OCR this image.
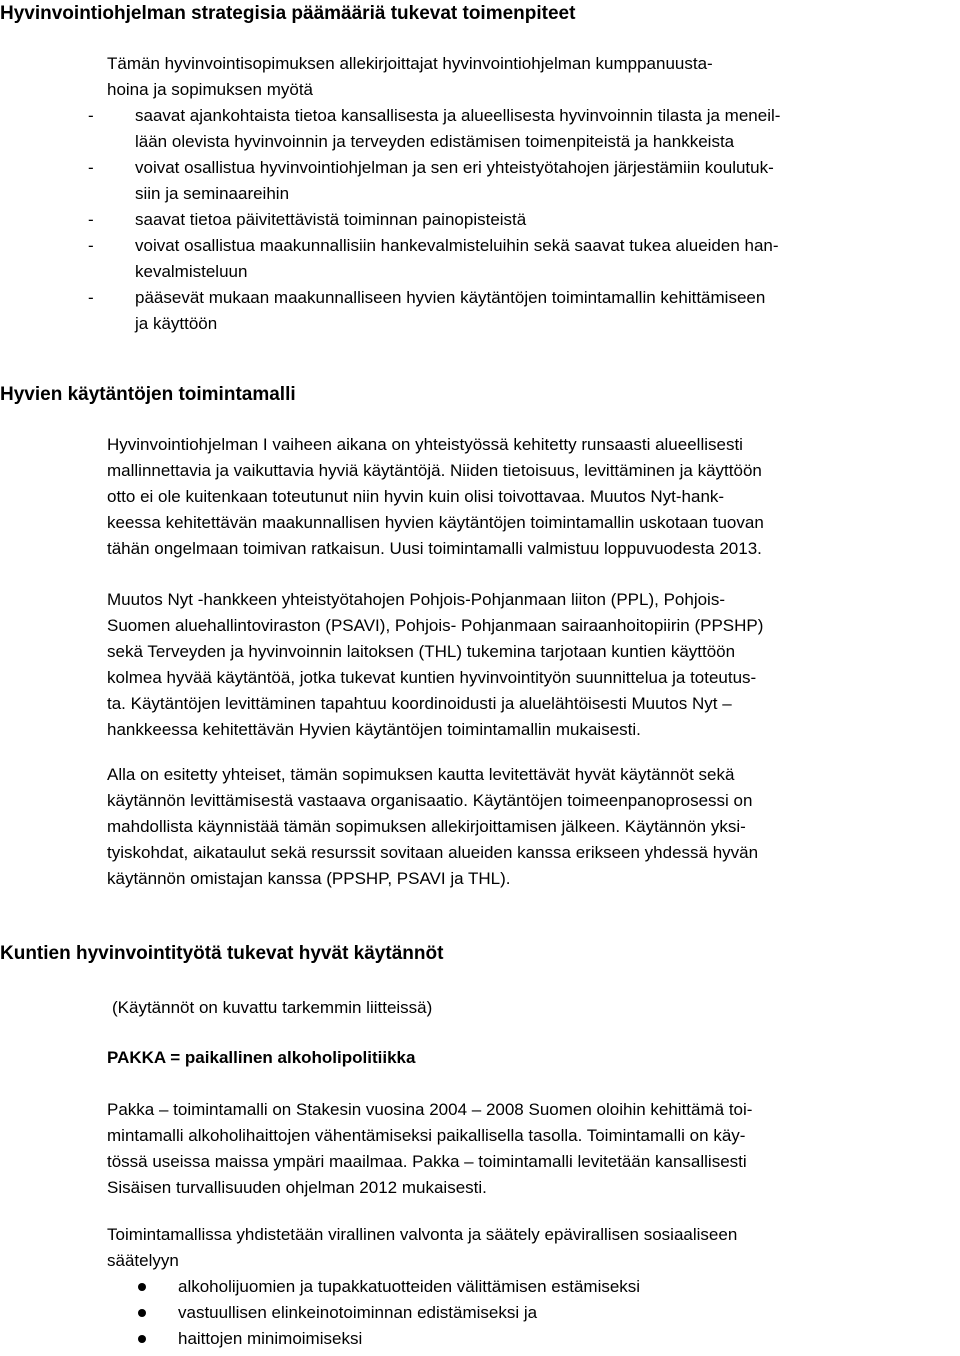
Hyvinvointiohjelman strategisia päämääriä tukevat toimenpiteet
Tämän hyvinvointisopimuksen allekirjoittajat hyvinvointiohjelman kumppanuusta-
hoina ja sopimuksen myötä
- saavat ajankohtaista tietoa kansallisesta ja alueellisesta hyvinvoinnin tilasta ja meneil-
lään olevista hyvinvoinnin ja terveyden edistämisen toimenpiteistä ja hankkeista
- voivat osallistua hyvinvointiohjelman ja sen eri yhteistyötahojen järjestämiin koulutuk-
siin ja seminaareihin
- saavat tietoa päivitettävistä toiminnan painopisteistä
- voivat osallistua maakunnallisiin hankevalmisteluihin sekä saavat tukea alueiden han-
kevalmisteluun
- pääsevät mukaan maakunnalliseen hyvien käytäntöjen toimintamallin kehittämiseen
ja käyttöön
Hyvien käytäntöjen toimintamalli
Hyvinvointiohjelman I vaiheen aikana on yhteistyössä kehitetty runsaasti alueellisesti
mallinnettavia ja vaikuttavia hyviä käytäntöjä. Niiden tietoisuus, levittäminen ja käyttöön
otto ei ole kuitenkaan toteutunut niin hyvin kuin olisi toivottavaa. Muutos Nyt-hank-
keessa kehitettävän maakunnallisen hyvien käytäntöjen toimintamallin uskotaan tuovan
tähän ongelmaan toimivan ratkaisun. Uusi toimintamalli valmistuu loppuvuodesta 2013.
Muutos Nyt -hankkeen yhteistyötahojen Pohjois-Pohjanmaan liiton (PPL), Pohjois-
Suomen aluehallintoviraston (PSAVI), Pohjois- Pohjanmaan sairaanhoitopiirin (PPSHP)
sekä Terveyden ja hyvinvoinnin laitoksen (THL) tukemina tarjotaan kuntien käyttöön
kolmea hyvää käytäntöä, jotka tukevat kuntien hyvinvointityön suunnittelua ja toteutus-
ta. Käytäntöjen levittäminen tapahtuu koordinoidusti ja aluelähtöisesti Muutos Nyt –
hankkeessa kehitettävän Hyvien käytäntöjen toimintamallin mukaisesti.
Alla on esitetty yhteiset, tämän sopimuksen kautta levitettävät hyvät käytännöt sekä
käytännön levittämisestä vastaava organisaatio. Käytäntöjen toimeenpanoprosessi on
mahdollista käynnistää tämän sopimuksen allekirjoittamisen jälkeen. Käytännön yksi-
tyiskohdat, aikataulut sekä resurssit sovitaan alueiden kanssa erikseen yhdessä hyvän
käytännön omistajan kanssa (PPSHP, PSAVI ja THL).
Kuntien hyvinvointityötä tukevat hyvät käytännöt
(Käytännöt on kuvattu tarkemmin liitteissä)
PAKKA = paikallinen alkoholipolitiikka
Pakka – toimintamalli on Stakesin vuosina 2004 – 2008 Suomen oloihin kehittämä toi-
mintamalli alkoholihaittojen vähentämiseksi paikallisella tasolla. Toimintamalli on käy-
tössä useissa maissa ympäri maailmaa. Pakka – toimintamalli levitetään kansallisesti
Sisäisen turvallisuuden ohjelman 2012 mukaisesti.
Toimintamallissa yhdistetään virallinen valvonta ja säätely epävirallisen sosiaaliseen
säätelyyn
alkoholijuomien ja tupakkatuotteiden välittämisen estämiseksi
vastuullisen elinkeinotoiminnan edistämiseksi ja
haittojen minimoimiseksi
